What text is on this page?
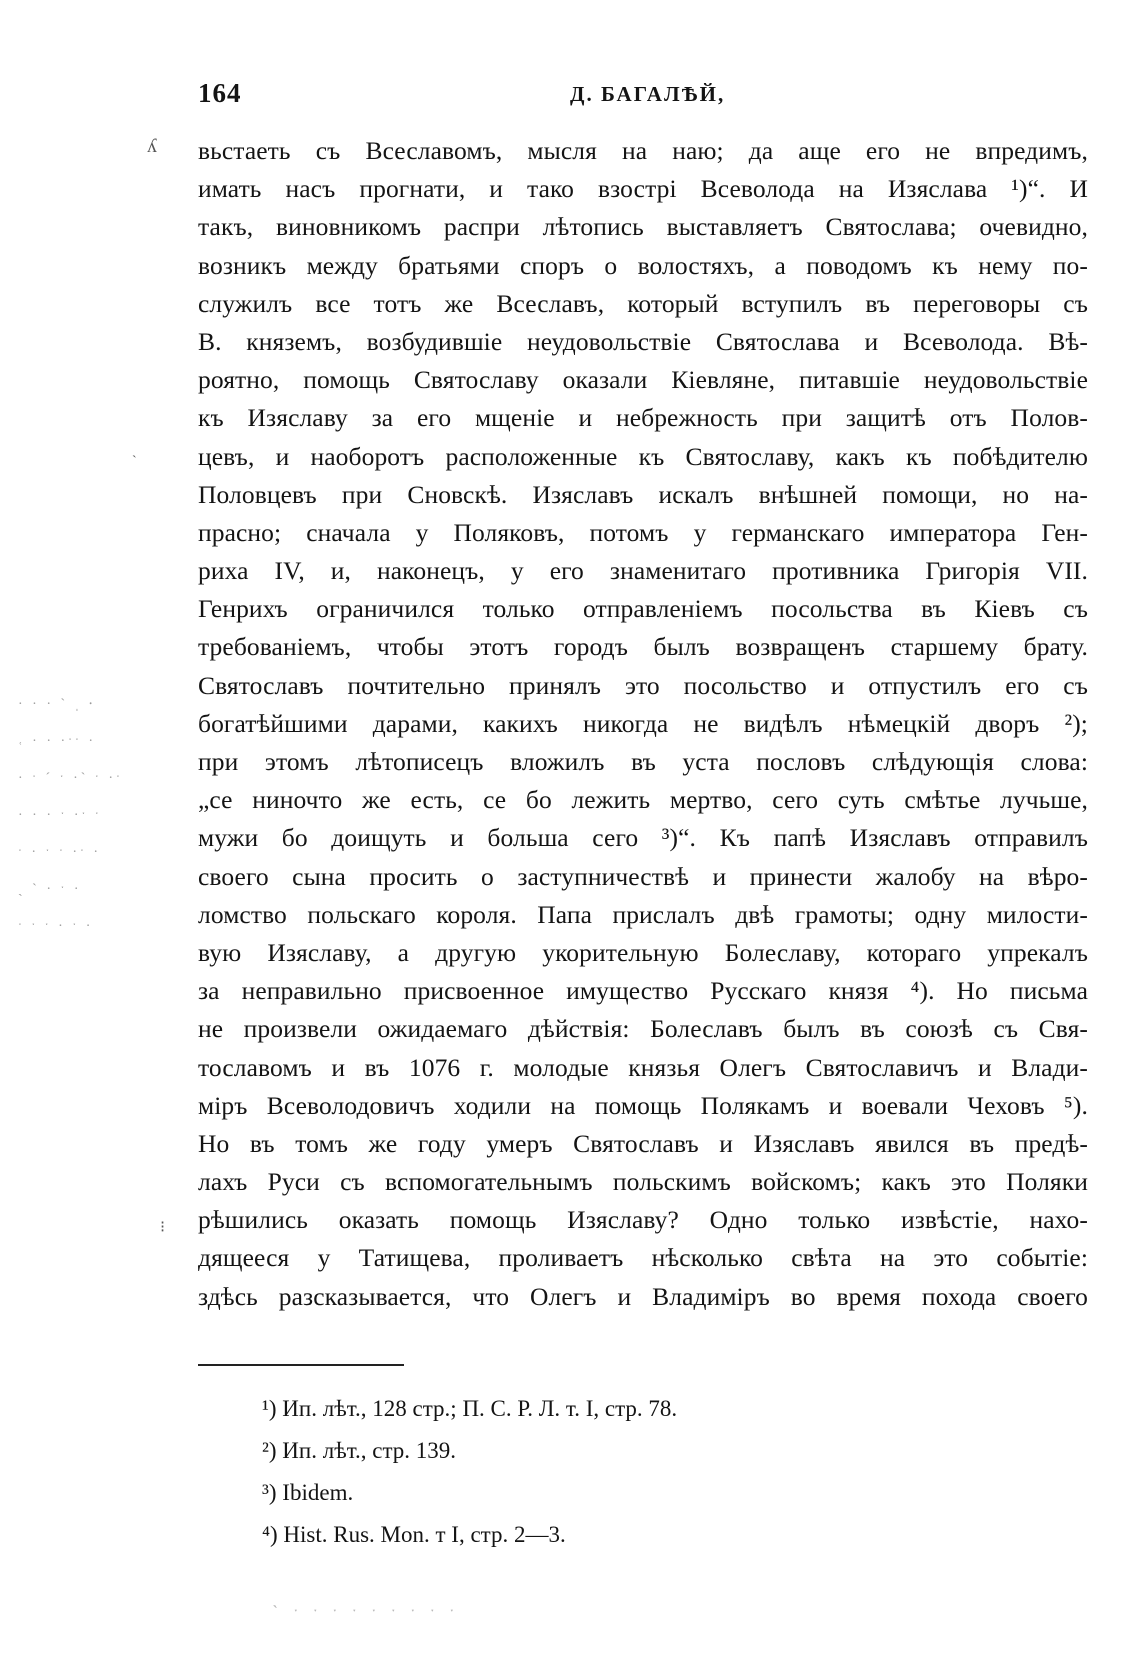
164	Д. БАГАЛѢЙ,
ʎ
ˋ
⁝
· · · ˋ ˌ ⸱
˓ · · ·ˑˑ ·
· ˑ ˊ ˑ ·ˋ ˑ ·ˑ
· · · ˑ ·ˑ ˑ
ˑ · ˑ ˑ ·ˑ ·
ˏ ˋ · ˑ ·
ˑ ˑ ˑ · ˑ ·
вьстаеть съ Всеславомъ, мысля на наю; да аще его не впредимъ,
имать насъ прогнати, и тако взострі Всеволода на Изяслава ¹)“. И
такъ, виновникомъ распри лѣтопись выставляетъ Святослава; очевидно,
возникъ между братьями споръ о волостяхъ, а поводомъ къ нему по-
служилъ все тотъ же Всеславъ, который вступилъ въ переговоры съ
В. княземъ, возбудившіе неудовольствіе Святослава и Всеволода. Вѣ-
роятно, помощь Святославу оказали Кіевляне, питавшіе неудовольствіе
къ Изяславу за его мщеніе и небрежность при защитѣ отъ Полов-
цевъ, и наоборотъ расположенные къ Святославу, какъ къ побѣдителю
Половцевъ при Сновскѣ. Изяславъ искалъ внѣшней помощи, но на-
прасно; сначала у Поляковъ, потомъ у германскаго императора Ген-
риха IV, и, наконецъ, у его знаменитаго противника Григорія VII.
Генрихъ ограничился только отправленіемъ посольства въ Кіевъ съ
требованіемъ, чтобы этотъ городъ былъ возвращенъ старшему брату.
Святославъ почтительно принялъ это посольство и отпустилъ его съ
богатѣйшими дарами, какихъ никогда не видѣлъ нѣмецкій дворъ ²);
при этомъ лѣтописецъ вложилъ въ уста пословъ слѣдующія слова:
„се ниночто же есть, се бо лежить мертво, сего суть смѣтье лучьше,
мужи бо доищуть и больша сего ³)“. Къ папѣ Изяславъ отправилъ
своего сына просить о заступничествѣ и принести жалобу на вѣро-
ломство польскаго короля. Папа прислалъ двѣ грамоты; одну милости-
вую Изяславу, а другую укорительную Болеславу, котораго упрекалъ
за неправильно присвоенное имущество Русскаго князя ⁴). Но письма
не произвели ожидаемаго дѣйствія: Болеславъ былъ въ союзѣ съ Свя-
тославомъ и въ 1076 г. молодые князья Олегъ Святославичъ и Влади-
міръ Всеволодовичъ ходили на помощь Полякамъ и воевали Чеховъ ⁵).
Но въ томъ же году умеръ Святославъ и Изяславъ явился въ предѣ-
лахъ Руси съ вспомогательнымъ польскимъ войскомъ; какъ это Поляки
рѣшились оказать помощь Изяславу? Одно только извѣстіе, нахо-
дящееся у Татищева, проливаетъ нѣсколько свѣта на это событіе:
здѣсь разсказывается, что Олегъ и Владиміръ во время похода своего
¹) Ип. лѣт., 128 стр.; П. С. Р. Л. т. I, стр. 78.
²) Ип. лѣт., стр. 139.
³) Ibidem.
⁴) Hist. Rus. Mon. т I, стр. 2—3.
ˋ ˑ ˑ ˑ ˑ ˑ ˑ ˑ ˑ ˑ
